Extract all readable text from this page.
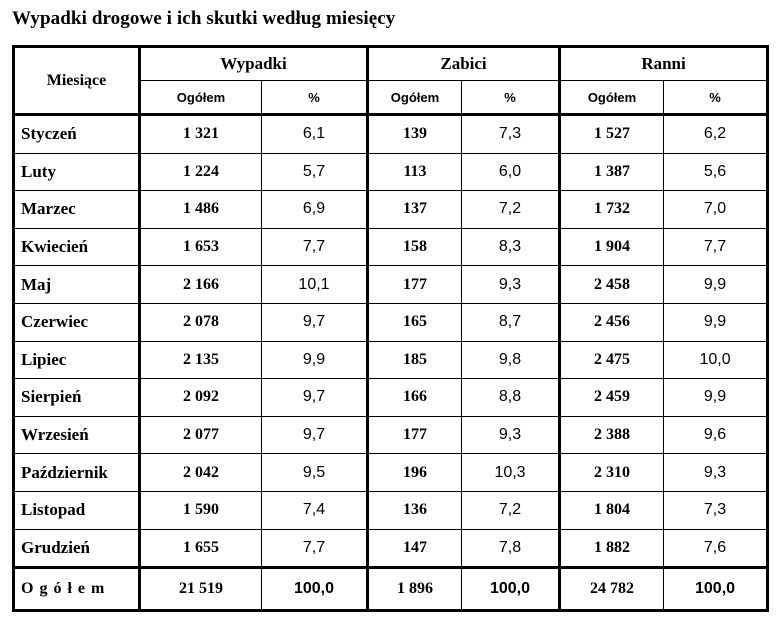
Wypadki drogowe i ich skutki według miesięcy
Miesiące	Wypadki		Zabici		Ranni	
	Ogółem	%	Ogółem	%	Ogółem	%
Styczeń	1 321	6,1	139	7,3	1 527	6,2
Luty	1 224	5,7	113	6,0	1 387	5,6
Marzec	1 486	6,9	137	7,2	1 732	7,0
Kwiecień	1 653	7,7	158	8,3	1 904	7,7
Maj	2 166	10,1	177	9,3	2 458	9,9
Czerwiec	2 078	9,7	165	8,7	2 456	9,9
Lipiec	2 135	9,9	185	9,8	2 475	10,0
Sierpień	2 092	9,7	166	8,8	2 459	9,9
Wrzesień	2 077	9,7	177	9,3	2 388	9,6
Październik	2 042	9,5	196	10,3	2 310	9,3
Listopad	1 590	7,4	136	7,2	1 804	7,3
Grudzień	1 655	7,7	147	7,8	1 882	7,6
Ogółem	21 519	100,0	1 896	100,0	24 782	100,0
